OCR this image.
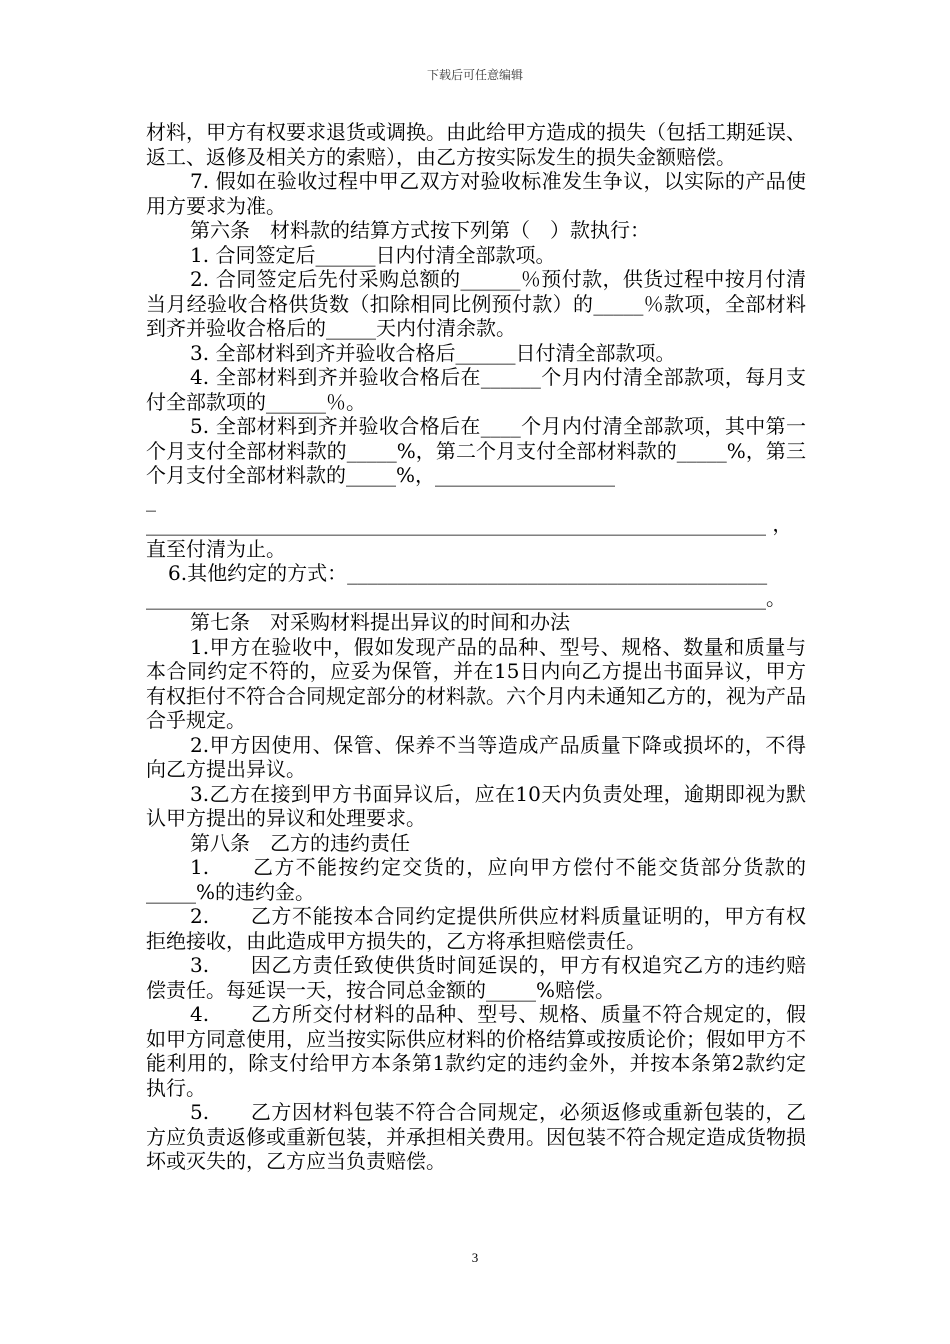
下载后可任意编辑

材料，甲方有权要求退货或调换。由此给甲方造成的损失（包括工期延误、返工、返修及相关方的索赔），由乙方按实际发生的损失金额赔偿。

7. 假如在验收过程中甲乙双方对验收标准发生争议，以实际的产品使用方要求为准。

第六条　材料款的结算方式按下列第（　）款执行：

1. 合同签定后______日内付清全部款项。

2. 合同签定后先付采购总额的______％预付款，供货过程中按月付清当月经验收合格供货数（扣除相同比例预付款）的_____％款项，全部材料到齐并验收合格后的_____天内付清余款。

3. 全部材料到齐并验收合格后______日付清全部款项。

4. 全部材料到齐并验收合格后在______个月内付清全部款项，每月支付全部款项的______％。

5. 全部材料到齐并验收合格后在____个月内付清全部款项，其中第一个月支付全部材料款的_____%，第二个月支付全部材料款的_____%，第三个月支付全部材料款的_____%，__________________

_

______________________________________________________________ ，

直至付清为止。

6.其他约定的方式：__________________________________________

______________________________________________________________。

第七条　对采购材料提出异议的时间和办法

1.甲方在验收中，假如发现产品的品种、型号、规格、数量和质量与本合同约定不符的，应妥为保管，并在15日内向乙方提出书面异议，甲方有权拒付不符合合同规定部分的材料款。六个月内未通知乙方的，视为产品合乎规定。

2.甲方因使用、保管、保养不当等造成产品质量下降或损坏的，不得向乙方提出异议。

3.乙方在接到甲方书面异议后，应在10天内负责处理，逾期即视为默认甲方提出的异议和处理要求。

第八条　乙方的违约责任

1.　　乙方不能按约定交货的，应向甲方偿付不能交货部分货款的_____%的违约金。

2.　　乙方不能按本合同约定提供所供应材料质量证明的，甲方有权拒绝接收，由此造成甲方损失的，乙方将承担赔偿责任。

3.　　因乙方责任致使供货时间延误的，甲方有权追究乙方的违约赔偿责任。每延误一天，按合同总金额的_____%赔偿。

4.　　乙方所交付材料的品种、型号、规格、质量不符合规定的，假如甲方同意使用，应当按实际供应材料的价格结算或按质论价；假如甲方不能利用的，除支付给甲方本条第1款约定的违约金外，并按本条第2款约定执行。

5.　　乙方因材料包装不符合合同规定，必须返修或重新包装的，乙方应负责返修或重新包装，并承担相关费用。因包装不符合规定造成货物损坏或灭失的，乙方应当负责赔偿。

3
